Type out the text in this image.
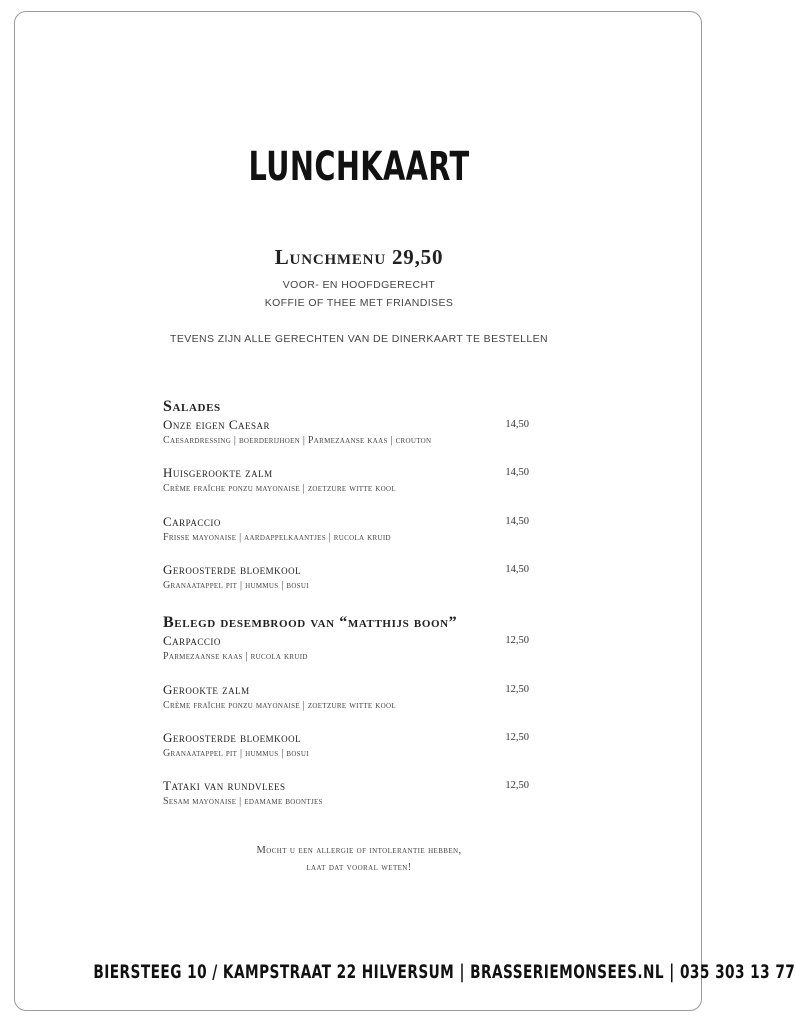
LUNCHKAART
Lunchmenu 29,50
VOOR- EN HOOFDGERECHT
KOFFIE OF THEE MET FRIANDISES
TEVENS ZIJN ALLE GERECHTEN VAN DE DINERKAART TE BESTELLEN
Salades
Onze eigen Caesar
Caesardressing | boerderijhoen | Parmezaanse kaas | crouton
14,50
Huisgerookte zalm
Crème fraîche ponzu mayonaise | zoetzure witte kool
14,50
Carpaccio
Frisse mayonaise | aardappelkaantjes | rucola kruid
14,50
Geroosterde bloemkool
Granaatappel pit | hummus | bosui
14,50
Belegd desembrood van “matthijs boon”
Carpaccio
Parmezaanse kaas | rucola kruid
12,50
Gerookte zalm
Crème fraîche ponzu mayonaise | zoetzure witte kool
12,50
Geroosterde bloemkool
Granaatappel pit | hummus | bosui
12,50
Tataki van rundvlees
Sesam mayonaise | edamame boontjes
12,50
Mocht u een allergie of intolerantie hebben,
laat dat vooral weten!
BIERSTEEG 10 / KAMPSTRAAT 22 HILVERSUM | BRASSERIEMONSEES.NL | 035 303 13 77
